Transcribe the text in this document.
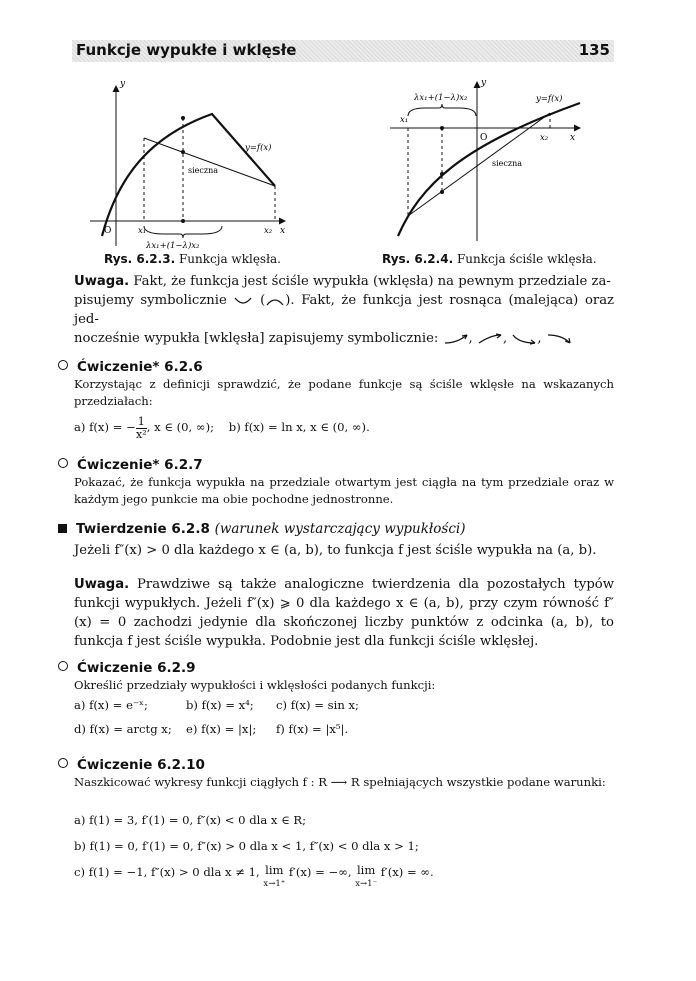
Funkcje wypukłe i wklęsłe	135
y
x
O
sieczna
y=f(x)
x₁	x₂
λx₁+(1−λ)x₂
Rys. 6.2.3. Funkcja wklęsła.
y
x
O
sieczna
y=f(x)
x₁
x₂
λx₁+(1−λ)x₂
Rys. 6.2.4. Funkcja ściśle wklęsła.
Uwaga. Fakt, że funkcja jest ściśle wypukła (wklęsła) na pewnym przedziale za-
pisujemy symbolicznie	( ). Fakt, że funkcja jest rosnąca (malejąca) oraz jed-
nocześnie wypukła [wklęsła] zapisujemy symbolicznie: , , ,
Ćwiczenie* 6.2.6
Korzystając z definicji sprawdzić, że podane funkcje są ściśle wklęsłe na wskazanych przedziałach:
a) f(x) = − $\frac{1}{\text{x²}}$ , x ∈ (0, ∞); b) f(x) = ln x, x ∈ (0, ∞).
Ćwiczenie* 6.2.7
Pokazać, że funkcja wypukła na przedziale otwartym jest ciągła na tym przedziale oraz w każdym jego punkcie ma obie pochodne jednostronne.
Twierdzenie 6.2.8 (warunek wystarczający wypukłości)
Jeżeli f″(x) > 0 dla każdego x ∈ (a, b), to funkcja f jest ściśle wypukła na (a, b).
Uwaga. Prawdziwe są także analogiczne twierdzenia dla pozostałych typów funkcji wypukłych. Jeżeli f″(x) ⩾ 0 dla każdego x ∈ (a, b), przy czym równość f″(x) = 0 zachodzi jedynie dla skończonej liczby punktów z odcinka (a, b), to funkcja f jest ściśle wypukła. Podobnie jest dla funkcji ściśle wklęsłej.
Ćwiczenie 6.2.9
Określić przedziały wypukłości i wklęsłości podanych funkcji:
a) f(x) = e⁻ˣ;	b) f(x) = x⁴; c) f(x) = sin x;
d) f(x) = arctg x; e) f(x) = |x|; f) f(x) = |x⁵|.
Ćwiczenie 6.2.10
Naszkicować wykresy funkcji ciągłych f : R ⟶ R spełniających wszystkie podane warunki:
a) f(1) = 3, f′(1) = 0, f″(x) < 0 dla x ∈ R;
b) f(1) = 0, f′(1) = 0, f″(x) > 0 dla x < 1, f″(x) < 0 dla x > 1;
c) f(1) = −1, f″(x) > 0 dla x ≠ 1, lim
x→1⁺ f′(x) = −∞, lim
x→1⁻ f′(x) = ∞.
